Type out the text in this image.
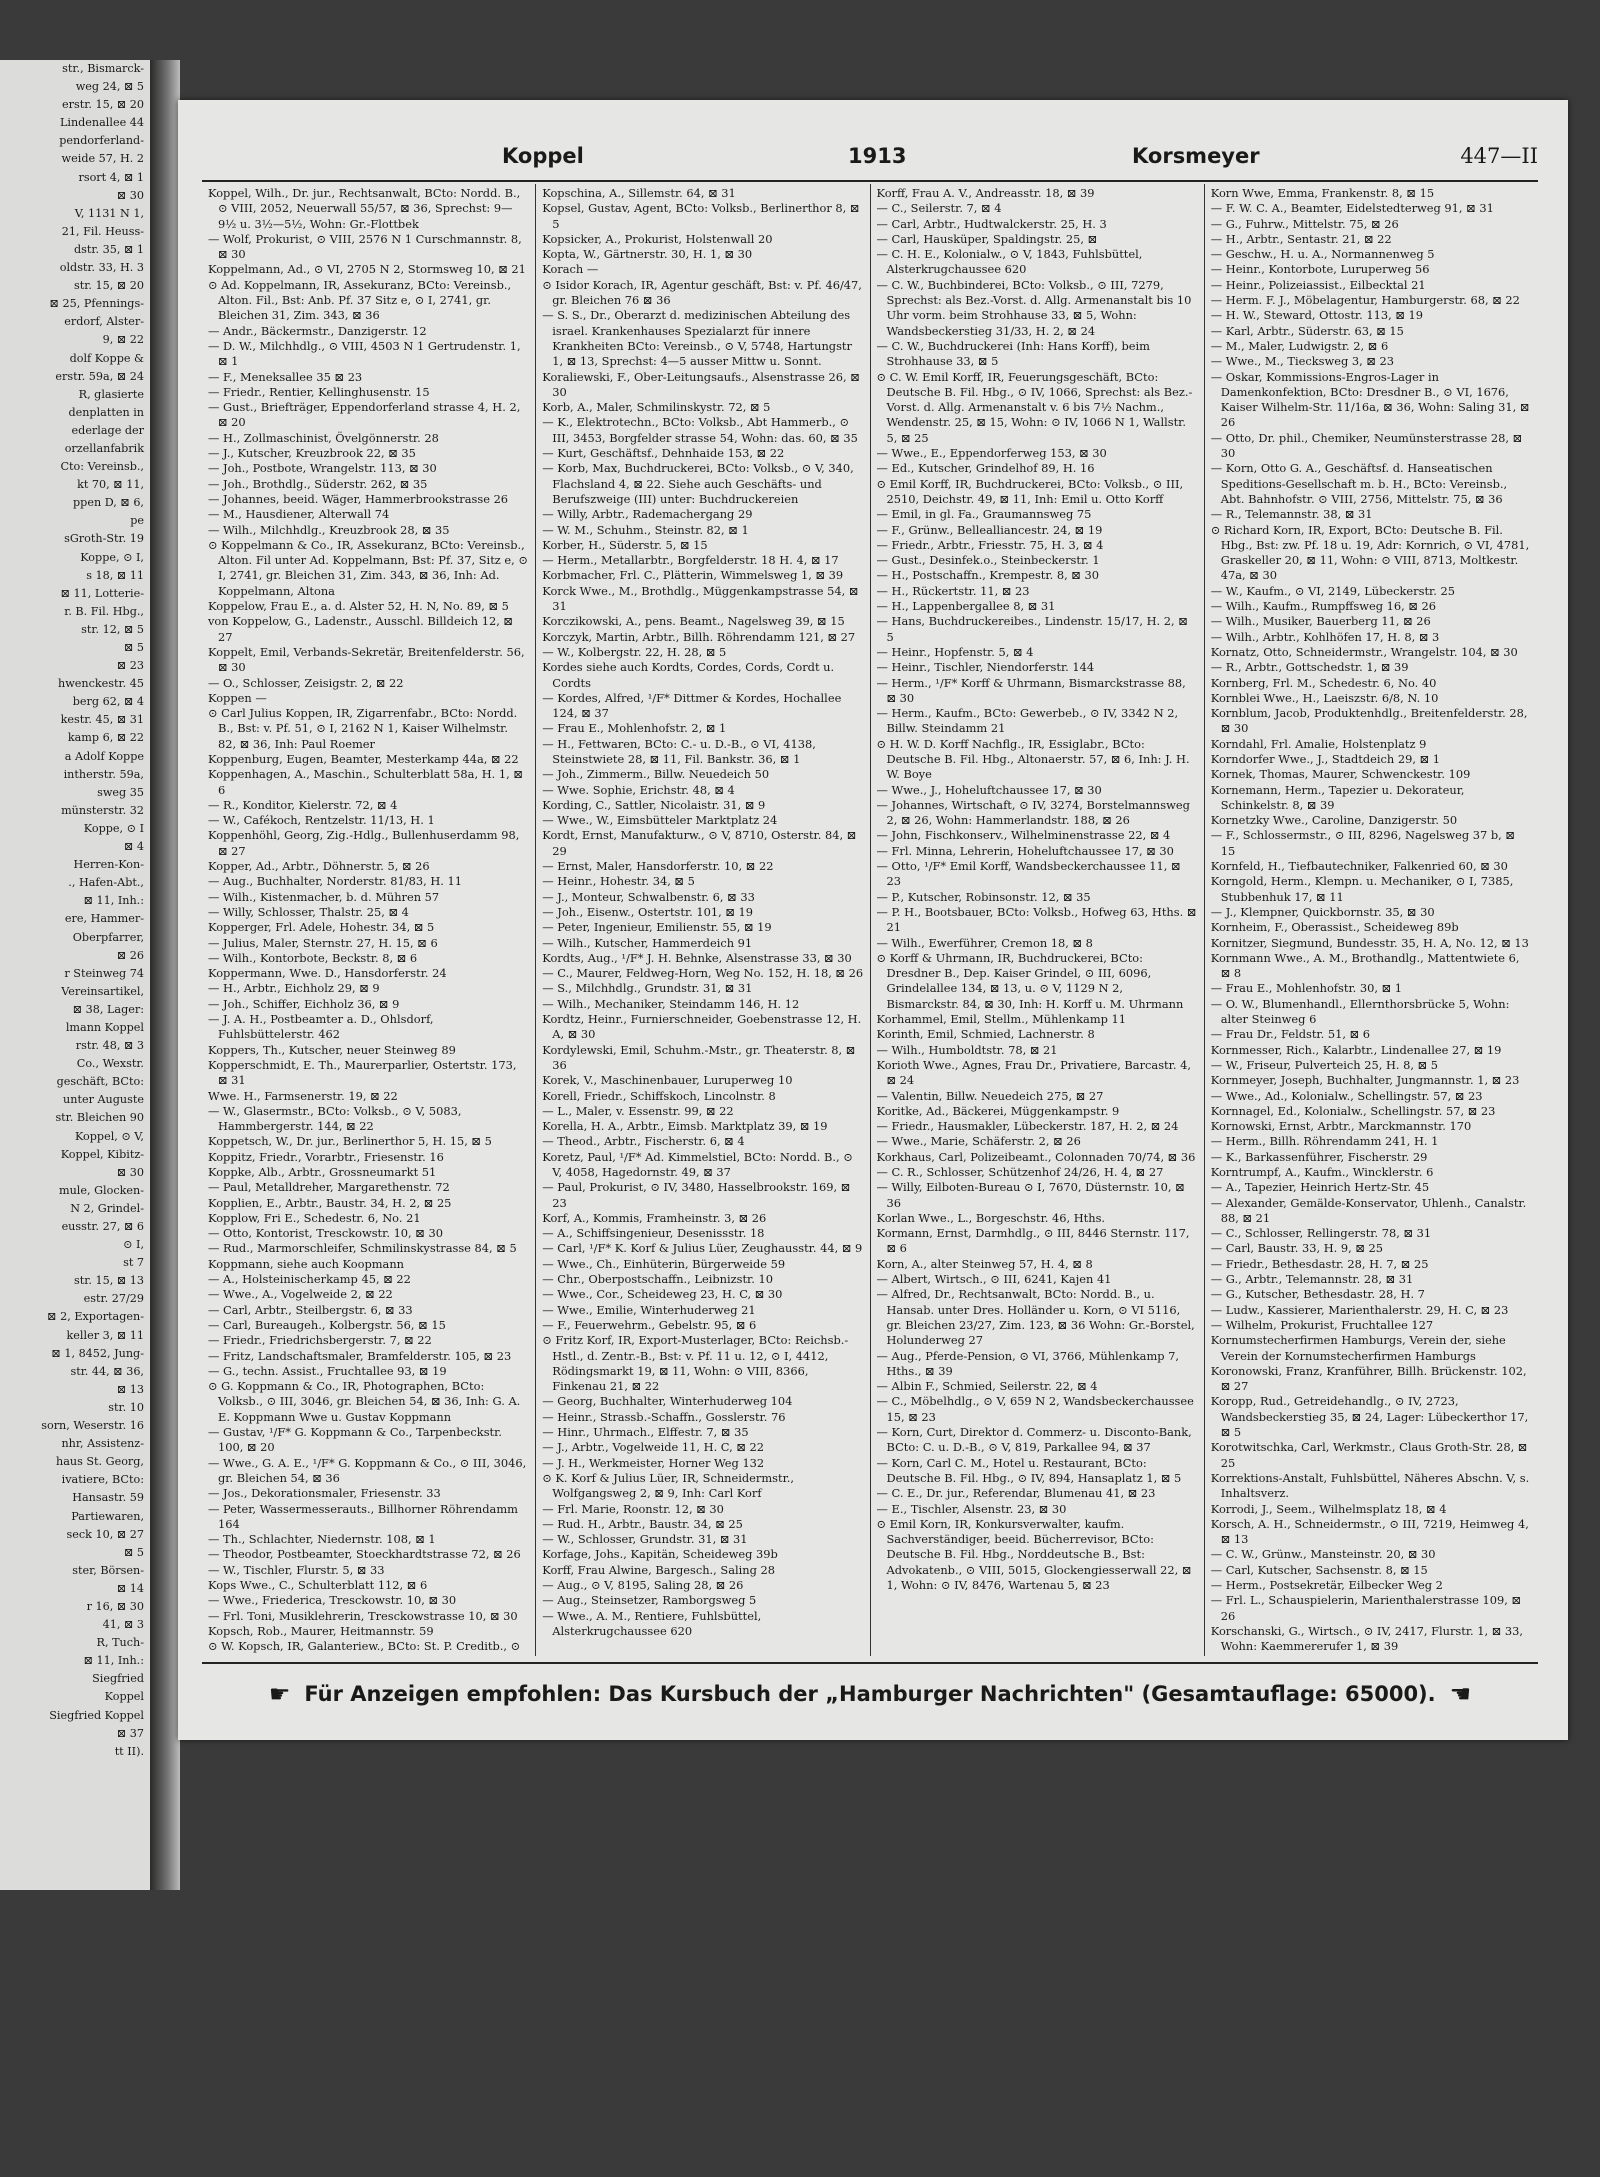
str., Bismarck-
weg 24, ⊠ 5
erstr. 15, ⊠ 20
Lindenallee 44
pendorferland-
weide 57, H. 2
rsort 4, ⊠ 1
⊠ 30
V, 1131 N 1,
21, Fil. Heuss-
dstr. 35, ⊠ 1
oldstr. 33, H. 3
str. 15, ⊠ 20
⊠ 25, Pfennings-
erdorf, Alster-
9, ⊠ 22
dolf Koppe &
erstr. 59a, ⊠ 24
R, glasierte
denplatten in
ederlage der
orzellanfabrik
Cto: Vereinsb.,
kt 70, ⊠ 11,
ppen D, ⊠ 6,
pe
sGroth-Str. 19
Koppe, ⊙ I,
s 18, ⊠ 11
⊠ 11, Lotterie-
r. B. Fil. Hbg.,
str. 12, ⊠ 5
⊠ 5
⊠ 23
hwenckestr. 45
berg 62, ⊠ 4
kestr. 45, ⊠ 31
kamp 6, ⊠ 22
a Adolf Koppe
intherstr. 59a,
sweg 35
münsterstr. 32
Koppe, ⊙ I
⊠ 4
Herren-Kon-
., Hafen-Abt.,
⊠ 11, Inh.:
ere, Hammer-
Oberpfarrer,
⊠ 26
r Steinweg 74
Vereinsartikel,
⊠ 38, Lager:
lmann Koppel
rstr. 48, ⊠ 3
Co., Wexstr.
geschäft, BCto:
unter Auguste
str. Bleichen 90
Koppel, ⊙ V,
Koppel, Kibitz-
⊠ 30
mule, Glocken-
N 2, Grindel-
eusstr. 27, ⊠ 6
⊙ I,
st 7
str. 15, ⊠ 13
estr. 27/29
⊠ 2, Exportagen-
keller 3, ⊠ 11
⊠ 1, 8452, Jung-
str. 44, ⊠ 36,
⊠ 13
str. 10
sorn, Weserstr. 16
nhr, Assistenz-
haus St. Georg,
ivatiere, BCto:
Hansastr. 59
Partiewaren,
seck 10, ⊠ 27
⊠ 5
ster, Börsen-
⊠ 14
r 16, ⊠ 30
41, ⊠ 3
R, Tuch-
⊠ 11, Inh.:
Siegfried
Koppel
Siegfried Koppel
⊠ 37
tt II).
Koppel	1913	Korsmeyer	447—II

Koppel, Wilh., Dr. jur., Rechtsanwalt, BCto: Nordd. B., ⊙ VIII, 2052, Neuerwall 55/57, ⊠ 36, Sprechst: 9—9½ u. 3½—5½, Wohn: Gr.-Flottbek

— Wolf, Prokurist, ⊙ VIII, 2576 N 1 Curschmannstr. 8, ⊠ 30

Koppelmann, Ad., ⊙ VI, 2705 N 2, Stormsweg 10, ⊠ 21

⊙ Ad. Koppelmann, IR, Assekuranz, BCto: Vereinsb., Alton. Fil., Bst: Anb. Pf. 37 Sitz e, ⊙ I, 2741, gr. Bleichen 31, Zim. 343, ⊠ 36

— Andr., Bäckermstr., Danzigerstr. 12

— D. W., Milchhdlg., ⊙ VIII, 4503 N 1 Gertrudenstr. 1, ⊠ 1

— F., Meneksallee 35 ⊠ 23

— Friedr., Rentier, Kellinghusenstr. 15

— Gust., Briefträger, Eppendorferland strasse 4, H. 2, ⊠ 20

— H., Zollmaschinist, Övelgönnerstr. 28

— J., Kutscher, Kreuzbrook 22, ⊠ 35

— Joh., Postbote, Wrangelstr. 113, ⊠ 30

— Joh., Brothdlg., Süderstr. 262, ⊠ 35

— Johannes, beeid. Wäger, Hammerbrookstrasse 26

— M., Hausdiener, Alterwall 74

— Wilh., Milchhdlg., Kreuzbrook 28, ⊠ 35

⊙ Koppelmann & Co., IR, Assekuranz, BCto: Vereinsb., Alton. Fil unter Ad. Koppelmann, Bst: Pf. 37, Sitz e, ⊙ I, 2741, gr. Bleichen 31, Zim. 343, ⊠ 36, Inh: Ad. Koppelmann, Altona

Koppelow, Frau E., a. d. Alster 52, H. N, No. 89, ⊠ 5

von Koppelow, G., Ladenstr., Ausschl. Billdeich 12, ⊠ 27

Koppelt, Emil, Verbands-Sekretär, Breitenfelderstr. 56, ⊠ 30

— O., Schlosser, Zeisigstr. 2, ⊠ 22

Koppen —

⊙ Carl Julius Koppen, IR, Zigarrenfabr., BCto: Nordd. B., Bst: v. Pf. 51, ⊙ I, 2162 N 1, Kaiser Wilhelmstr. 82, ⊠ 36, Inh: Paul Roemer

Koppenburg, Eugen, Beamter, Mesterkamp 44a, ⊠ 22

Koppenhagen, A., Maschin., Schulterblatt 58a, H. 1, ⊠ 6

— R., Konditor, Kielerstr. 72, ⊠ 4

— W., Cafékoch, Rentzelstr. 11/13, H. 1

Koppenhöhl, Georg, Zig.-Hdlg., Bullenhuserdamm 98, ⊠ 27

Kopper, Ad., Arbtr., Döhnerstr. 5, ⊠ 26

— Aug., Buchhalter, Norderstr. 81/83, H. 11

— Wilh., Kistenmacher, b. d. Mühren 57

— Willy, Schlosser, Thalstr. 25, ⊠ 4

Kopperger, Frl. Adele, Hohestr. 34, ⊠ 5

— Julius, Maler, Sternstr. 27, H. 15, ⊠ 6

— Wilh., Kontorbote, Beckstr. 8, ⊠ 6

Koppermann, Wwe. D., Hansdorferstr. 24

— H., Arbtr., Eichholz 29, ⊠ 9

— Joh., Schiffer, Eichholz 36, ⊠ 9

— J. A. H., Postbeamter a. D., Ohlsdorf, Fuhlsbüttelerstr. 462

Koppers, Th., Kutscher, neuer Steinweg 89

Kopperschmidt, E. Th., Maurerparlier, Ostertstr. 173, ⊠ 31

Wwe. H., Farmsenerstr. 19, ⊠ 22

— W., Glasermstr., BCto: Volksb., ⊙ V, 5083, Hammbergerstr. 144, ⊠ 22

Koppetsch, W., Dr. jur., Berlinerthor 5, H. 15, ⊠ 5

Koppitz, Friedr., Vorarbtr., Friesenstr. 16

Koppke, Alb., Arbtr., Grossneumarkt 51

— Paul, Metalldreher, Margarethenstr. 72

Kopplien, E., Arbtr., Baustr. 34, H. 2, ⊠ 25

Kopplow, Fri E., Schedestr. 6, No. 21

— Otto, Kontorist, Tresckowstr. 10, ⊠ 30

— Rud., Marmorschleifer, Schmilinskystrasse 84, ⊠ 5

Koppmann, siehe auch Koopmann

— A., Holsteinischerkamp 45, ⊠ 22

— Wwe., A., Vogelweide 2, ⊠ 22

— Carl, Arbtr., Steilbergstr. 6, ⊠ 33

— Carl, Bureaugeh., Kolbergstr. 56, ⊠ 15

— Friedr., Friedrichsbergerstr. 7, ⊠ 22

— Fritz, Landschaftsmaler, Bramfelderstr. 105, ⊠ 23

— G., techn. Assist., Fruchtallee 93, ⊠ 19

⊙ G. Koppmann & Co., IR, Photographen, BCto: Volksb., ⊙ III, 3046, gr. Bleichen 54, ⊠ 36, Inh: G. A. E. Koppmann Wwe u. Gustav Koppmann

— Gustav, ¹/F* G. Koppmann & Co., Tarpenbeckstr. 100, ⊠ 20

— Wwe., G. A. E., ¹/F* G. Koppmann & Co., ⊙ III, 3046, gr. Bleichen 54, ⊠ 36

— Jos., Dekorationsmaler, Friesenstr. 33

— Peter, Wassermesserauts., Billhorner Röhrendamm 164

— Th., Schlachter, Niedernstr. 108, ⊠ 1

— Theodor, Postbeamter, Stoeckhardtstrasse 72, ⊠ 26

— W., Tischler, Flurstr. 5, ⊠ 33

Kops Wwe., C., Schulterblatt 112, ⊠ 6

— Wwe., Friederica, Tresckowstr. 10, ⊠ 30

— Frl. Toni, Musiklehrerin, Tresckowstrasse 10, ⊠ 30

Kopsch, Rob., Maurer, Heitmannstr. 59

⊙ W. Kopsch, IR, Galanteriew., BCto: St. P. Creditb., ⊙

Kopschina, A., Sillemstr. 64, ⊠ 31

Kopsel, Gustav, Agent, BCto: Volksb., Berlinerthor 8, ⊠ 5

Kopsicker, A., Prokurist, Holstenwall 20

Kopta, W., Gärtnerstr. 30, H. 1, ⊠ 30

Korach —

⊙ Isidor Korach, IR, Agentur geschäft, Bst: v. Pf. 46/47, gr. Bleichen 76 ⊠ 36

— S. S., Dr., Oberarzt d. medizinischen Abteilung des israel. Krankenhauses Spezialarzt für innere Krankheiten BCto: Vereinsb., ⊙ V, 5748, Hartungstr 1, ⊠ 13, Sprechst: 4—5 ausser Mittw u. Sonnt.

Koraliewski, F., Ober-Leitungsaufs., Alsenstrasse 26, ⊠ 30

Korb, A., Maler, Schmilinskystr. 72, ⊠ 5

— K., Elektrotechn., BCto: Volksb., Abt Hammerb., ⊙ III, 3453, Borgfelder strasse 54, Wohn: das. 60, ⊠ 35

— Kurt, Geschäftsf., Dehnhaide 153, ⊠ 22

— Korb, Max, Buchdruckerei, BCto: Volksb., ⊙ V, 340, Flachsland 4, ⊠ 22. Siehe auch Geschäfts- und Berufszweige (III) unter: Buchdruckereien

— Willy, Arbtr., Rademachergang 29

— W. M., Schuhm., Steinstr. 82, ⊠ 1

Korber, H., Süderstr. 5, ⊠ 15

— Herm., Metallarbtr., Borgfelderstr. 18 H. 4, ⊠ 17

Korbmacher, Frl. C., Plätterin, Wimmelsweg 1, ⊠ 39

Korck Wwe., M., Brothdlg., Müggenkampstrasse 54, ⊠ 31

Korczikowski, A., pens. Beamt., Nagelsweg 39, ⊠ 15

Korczyk, Martin, Arbtr., Billh. Röhrendamm 121, ⊠ 27

— W., Kolbergstr. 22, H. 28, ⊠ 5

Kordes siehe auch Kordts, Cordes, Cords, Cordt u. Cordts

— Kordes, Alfred, ¹/F* Dittmer & Kordes, Hochallee 124, ⊠ 37

— Frau E., Mohlenhofstr. 2, ⊠ 1

— H., Fettwaren, BCto: C.- u. D.-B., ⊙ VI, 4138, Steinstwiete 28, ⊠ 11, Fil. Bankstr. 36, ⊠ 1

— Joh., Zimmerm., Billw. Neuedeich 50

— Wwe. Sophie, Erichstr. 48, ⊠ 4

Kording, C., Sattler, Nicolaistr. 31, ⊠ 9

— Wwe., W., Eimsbütteler Marktplatz 24

Kordt, Ernst, Manufakturw., ⊙ V, 8710, Osterstr. 84, ⊠ 29

— Ernst, Maler, Hansdorferstr. 10, ⊠ 22

— Heinr., Hohestr. 34, ⊠ 5

— J., Monteur, Schwalbenstr. 6, ⊠ 33

— Joh., Eisenw., Ostertstr. 101, ⊠ 19

— Peter, Ingenieur, Emilienstr. 55, ⊠ 19

— Wilh., Kutscher, Hammerdeich 91

Kordts, Aug., ¹/F* J. H. Behnke, Alsenstrasse 33, ⊠ 30

— C., Maurer, Feldweg-Horn, Weg No. 152, H. 18, ⊠ 26

— S., Milchhdlg., Grundstr. 31, ⊠ 31

— Wilh., Mechaniker, Steindamm 146, H. 12

Kordtz, Heinr., Furnierschneider, Goebenstrasse 12, H. A, ⊠ 30

Kordylewski, Emil, Schuhm.-Mstr., gr. Theaterstr. 8, ⊠ 36

Korek, V., Maschinenbauer, Luruperweg 10

Korell, Friedr., Schiffskoch, Lincolnstr. 8

— L., Maler, v. Essenstr. 99, ⊠ 22

Korella, H. A., Arbtr., Eimsb. Marktplatz 39, ⊠ 19

— Theod., Arbtr., Fischerstr. 6, ⊠ 4

Koretz, Paul, ¹/F* Ad. Kimmelstiel, BCto: Nordd. B., ⊙ V, 4058, Hagedornstr. 49, ⊠ 37

— Paul, Prokurist, ⊙ IV, 3480, Hasselbrookstr. 169, ⊠ 23

Korf, A., Kommis, Framheinstr. 3, ⊠ 26

— A., Schiffsingenieur, Desenissstr. 18

— Carl, ¹/F* K. Korf & Julius Lüer, Zeughausstr. 44, ⊠ 9

— Wwe., Ch., Einhüterin, Bürgerweide 59

— Chr., Oberpostschaffn., Leibnizstr. 10

— Wwe., Cor., Scheideweg 23, H. C, ⊠ 30

— Wwe., Emilie, Winterhuderweg 21

— F., Feuerwehrm., Gebelstr. 95, ⊠ 6

⊙ Fritz Korf, IR, Export-Musterlager, BCto: Reichsb.-Hstl., d. Zentr.-B., Bst: v. Pf. 11 u. 12, ⊙ I, 4412, Rödingsmarkt 19, ⊠ 11, Wohn: ⊙ VIII, 8366, Finkenau 21, ⊠ 22

— Georg, Buchhalter, Winterhuderweg 104

— Heinr., Strassb.-Schaffn., Gosslerstr. 76

— Hinr., Uhrmach., Elffestr. 7, ⊠ 35

— J., Arbtr., Vogelweide 11, H. C, ⊠ 22

— J. H., Werkmeister, Horner Weg 132

⊙ K. Korf & Julius Lüer, IR, Schneidermstr., Wolfgangsweg 2, ⊠ 9, Inh: Carl Korf

— Frl. Marie, Roonstr. 12, ⊠ 30

— Rud. H., Arbtr., Baustr. 34, ⊠ 25

— W., Schlosser, Grundstr. 31, ⊠ 31

Korfage, Johs., Kapitän, Scheideweg 39b

Korff, Frau Alwine, Bargesch., Saling 28

— Aug., ⊙ V, 8195, Saling 28, ⊠ 26

— Aug., Steinsetzer, Ramborgsweg 5

— Wwe., A. M., Rentiere, Fuhlsbüttel, Alsterkrugchaussee 620

Korff, Frau A. V., Andreasstr. 18, ⊠ 39

— C., Seilerstr. 7, ⊠ 4

— Carl, Arbtr., Hudtwalckerstr. 25, H. 3

— Carl, Hausküper, Spaldingstr. 25, ⊠

— C. H. E., Kolonialw., ⊙ V, 1843, Fuhlsbüttel, Alsterkrugchaussee 620

— C. W., Buchbinderei, BCto: Volksb., ⊙ III, 7279, Sprechst: als Bez.-Vorst. d. Allg. Armenanstalt bis 10 Uhr vorm. beim Strohhause 33, ⊠ 5, Wohn: Wandsbeckerstieg 31/33, H. 2, ⊠ 24

— C. W., Buchdruckerei (Inh: Hans Korff), beim Strohhause 33, ⊠ 5

⊙ C. W. Emil Korff, IR, Feuerungsgeschäft, BCto: Deutsche B. Fil. Hbg., ⊙ IV, 1066, Sprechst: als Bez.-Vorst. d. Allg. Armenanstalt v. 6 bis 7½ Nachm., Wendenstr. 25, ⊠ 15, Wohn: ⊙ IV, 1066 N 1, Wallstr. 5, ⊠ 25

— Wwe., E., Eppendorferweg 153, ⊠ 30

— Ed., Kutscher, Grindelhof 89, H. 16

⊙ Emil Korff, IR, Buchdruckerei, BCto: Volksb., ⊙ III, 2510, Deichstr. 49, ⊠ 11, Inh: Emil u. Otto Korff

— Emil, in gl. Fa., Graumannsweg 75

— F., Grünw., Bellealliancestr. 24, ⊠ 19

— Friedr., Arbtr., Friesstr. 75, H. 3, ⊠ 4

— Gust., Desinfek.o., Steinbeckerstr. 1

— H., Postschaffn., Krempestr. 8, ⊠ 30

— H., Rückertstr. 11, ⊠ 23

— H., Lappenbergallee 8, ⊠ 31

— Hans, Buchdruckereibes., Lindenstr. 15/17, H. 2, ⊠ 5

— Heinr., Hopfenstr. 5, ⊠ 4

— Heinr., Tischler, Niendorferstr. 144

— Herm., ¹/F* Korff & Uhrmann, Bismarckstrasse 88, ⊠ 30

— Herm., Kaufm., BCto: Gewerbeb., ⊙ IV, 3342 N 2, Billw. Steindamm 21

⊙ H. W. D. Korff Nachflg., IR, Essiglabr., BCto: Deutsche B. Fil. Hbg., Altonaerstr. 57, ⊠ 6, Inh: J. H. W. Boye

— Wwe., J., Hoheluftchaussee 17, ⊠ 30

— Johannes, Wirtschaft, ⊙ IV, 3274, Borstelmannsweg 2, ⊠ 26, Wohn: Hammerlandstr. 188, ⊠ 26

— John, Fischkonserv., Wilhelminenstrasse 22, ⊠ 4

— Frl. Minna, Lehrerin, Hoheluftchaussee 17, ⊠ 30

— Otto, ¹/F* Emil Korff, Wandsbeckerchaussee 11, ⊠ 23

— P., Kutscher, Robinsonstr. 12, ⊠ 35

— P. H., Bootsbauer, BCto: Volksb., Hofweg 63, Hths. ⊠ 21

— Wilh., Ewerführer, Cremon 18, ⊠ 8

⊙ Korff & Uhrmann, IR, Buchdruckerei, BCto: Dresdner B., Dep. Kaiser Grindel, ⊙ III, 6096, Grindelallee 134, ⊠ 13, u. ⊙ V, 1129 N 2, Bismarckstr. 84, ⊠ 30, Inh: H. Korff u. M. Uhrmann

Korhammel, Emil, Stellm., Mühlenkamp 11

Korinth, Emil, Schmied, Lachnerstr. 8

— Wilh., Humboldtstr. 78, ⊠ 21

Korioth Wwe., Agnes, Frau Dr., Privatiere, Barcastr. 4, ⊠ 24

— Valentin, Billw. Neuedeich 275, ⊠ 27

Koritke, Ad., Bäckerei, Müggenkampstr. 9

— Friedr., Hausmakler, Lübeckerstr. 187, H. 2, ⊠ 24

— Wwe., Marie, Schäferstr. 2, ⊠ 26

Korkhaus, Carl, Polizeibeamt., Colonnaden 70/74, ⊠ 36

— C. R., Schlosser, Schützenhof 24/26, H. 4, ⊠ 27

— Willy, Eilboten-Bureau ⊙ I, 7670, Düsternstr. 10, ⊠ 36

Korlan Wwe., L., Borgeschstr. 46, Hths.

Kormann, Ernst, Darmhdlg., ⊙ III, 8446 Sternstr. 117, ⊠ 6

Korn, A., alter Steinweg 57, H. 4, ⊠ 8

— Albert, Wirtsch., ⊙ III, 6241, Kajen 41

— Alfred, Dr., Rechtsanwalt, BCto: Nordd. B., u. Hansab. unter Dres. Holländer u. Korn, ⊙ VI 5116, gr. Bleichen 23/27, Zim. 123, ⊠ 36 Wohn: Gr.-Borstel, Holunderweg 27

— Aug., Pferde-Pension, ⊙ VI, 3766, Mühlenkamp 7, Hths., ⊠ 39

— Albin F., Schmied, Seilerstr. 22, ⊠ 4

— C., Möbelhdlg., ⊙ V, 659 N 2, Wandsbeckerchaussee 15, ⊠ 23

— Korn, Curt, Direktor d. Commerz- u. Disconto-Bank, BCto: C. u. D.-B., ⊙ V, 819, Parkallee 94, ⊠ 37

— Korn, Carl C. M., Hotel u. Restaurant, BCto: Deutsche B. Fil. Hbg., ⊙ IV, 894, Hansaplatz 1, ⊠ 5

— C. E., Dr. jur., Referendar, Blumenau 41, ⊠ 23

— E., Tischler, Alsenstr. 23, ⊠ 30

⊙ Emil Korn, IR, Konkursverwalter, kaufm. Sachverständiger, beeid. Bücherrevisor, BCto: Deutsche B. Fil. Hbg., Norddeutsche B., Bst: Advokatenb., ⊙ VIII, 5015, Glockengiesserwall 22, ⊠ 1, Wohn: ⊙ IV, 8476, Wartenau 5, ⊠ 23

Korn Wwe, Emma, Frankenstr. 8, ⊠ 15

— F. W. C. A., Beamter, Eidelstedterweg 91, ⊠ 31

— G., Fuhrw., Mittelstr. 75, ⊠ 26

— H., Arbtr., Sentastr. 21, ⊠ 22

— Geschw., H. u. A., Normannenweg 5

— Heinr., Kontorbote, Luruperweg 56

— Heinr., Polizeiassist., Eilbecktal 21

— Herm. F. J., Möbelagentur, Hamburgerstr. 68, ⊠ 22

— H. W., Steward, Ottostr. 113, ⊠ 19

— Karl, Arbtr., Süderstr. 63, ⊠ 15

— M., Maler, Ludwigstr. 2, ⊠ 6

— Wwe., M., Tiecksweg 3, ⊠ 23

— Oskar, Kommissions-Engros-Lager in Damenkonfektion, BCto: Dresdner B., ⊙ VI, 1676, Kaiser Wilhelm-Str. 11/16a, ⊠ 36, Wohn: Saling 31, ⊠ 26

— Otto, Dr. phil., Chemiker, Neumünsterstrasse 28, ⊠ 30

— Korn, Otto G. A., Geschäftsf. d. Hanseatischen Speditions-Gesellschaft m. b. H., BCto: Vereinsb., Abt. Bahnhofstr. ⊙ VIII, 2756, Mittelstr. 75, ⊠ 36

— R., Telemannstr. 38, ⊠ 31

⊙ Richard Korn, IR, Export, BCto: Deutsche B. Fil. Hbg., Bst: zw. Pf. 18 u. 19, Adr: Kornrich, ⊙ VI, 4781, Graskeller 20, ⊠ 11, Wohn: ⊙ VIII, 8713, Moltkestr. 47a, ⊠ 30

— W., Kaufm., ⊙ VI, 2149, Lübeckerstr. 25

— Wilh., Kaufm., Rumpffsweg 16, ⊠ 26

— Wilh., Musiker, Bauerberg 11, ⊠ 26

— Wilh., Arbtr., Kohlhöfen 17, H. 8, ⊠ 3

Kornatz, Otto, Schneidermstr., Wrangelstr. 104, ⊠ 30

— R., Arbtr., Gottschedstr. 1, ⊠ 39

Kornberg, Frl. M., Schedestr. 6, No. 40

Kornblei Wwe., H., Laeiszstr. 6/8, N. 10

Kornblum, Jacob, Produktenhdlg., Breitenfelderstr. 28, ⊠ 30

Korndahl, Frl. Amalie, Holstenplatz 9

Korndorfer Wwe., J., Stadtdeich 29, ⊠ 1

Kornek, Thomas, Maurer, Schwenckestr. 109

Kornemann, Herm., Tapezier u. Dekorateur, Schinkelstr. 8, ⊠ 39

Kornetzky Wwe., Caroline, Danzigerstr. 50

— F., Schlossermstr., ⊙ III, 8296, Nagelsweg 37 b, ⊠ 15

Kornfeld, H., Tiefbautechniker, Falkenried 60, ⊠ 30

Korngold, Herm., Klempn. u. Mechaniker, ⊙ I, 7385, Stubbenhuk 17, ⊠ 11

— J., Klempner, Quickbornstr. 35, ⊠ 30

Kornheim, F., Oberassist., Scheideweg 89b

Kornitzer, Siegmund, Bundesstr. 35, H. A, No. 12, ⊠ 13

Kornmann Wwe., A. M., Brothandlg., Mattentwiete 6, ⊠ 8

— Frau E., Mohlenhofstr. 30, ⊠ 1

— O. W., Blumenhandl., Ellernthorsbrücke 5, Wohn: alter Steinweg 6

— Frau Dr., Feldstr. 51, ⊠ 6

Kornmesser, Rich., Kalarbtr., Lindenallee 27, ⊠ 19

— W., Friseur, Pulverteich 25, H. 8, ⊠ 5

Kornmeyer, Joseph, Buchhalter, Jungmannstr. 1, ⊠ 23

— Wwe., Ad., Kolonialw., Schellingstr. 57, ⊠ 23

Kornnagel, Ed., Kolonialw., Schellingstr. 57, ⊠ 23

Kornowski, Ernst, Arbtr., Marckmannstr. 170

— Herm., Billh. Röhrendamm 241, H. 1

— K., Barkassenführer, Fischerstr. 29

Korntrumpf, A., Kaufm., Wincklerstr. 6

— A., Tapezier, Heinrich Hertz-Str. 45

— Alexander, Gemälde-Konservator, Uhlenh., Canalstr. 88, ⊠ 21

— C., Schlosser, Rellingerstr. 78, ⊠ 31

— Carl, Baustr. 33, H. 9, ⊠ 25

— Friedr., Bethesdastr. 28, H. 7, ⊠ 25

— G., Arbtr., Telemannstr. 28, ⊠ 31

— G., Kutscher, Bethesdastr. 28, H. 7

— Ludw., Kassierer, Marienthalerstr. 29, H. C, ⊠ 23

— Wilhelm, Prokurist, Fruchtallee 127

Kornumstecherfirmen Hamburgs, Verein der, siehe Verein der Kornumstecherfirmen Hamburgs

Koronowski, Franz, Kranführer, Billh. Brückenstr. 102, ⊠ 27

Koropp, Rud., Getreidehandlg., ⊙ IV, 2723, Wandsbeckerstieg 35, ⊠ 24, Lager: Lübeckerthor 17, ⊠ 5

Korotwitschka, Carl, Werkmstr., Claus Groth-Str. 28, ⊠ 25

Korrektions-Anstalt, Fuhlsbüttel, Näheres Abschn. V, s. Inhaltsverz.

Korrodi, J., Seem., Wilhelmsplatz 18, ⊠ 4

Korsch, A. H., Schneidermstr., ⊙ III, 7219, Heimweg 4, ⊠ 13

— C. W., Grünw., Mansteinstr. 20, ⊠ 30

— Carl, Kutscher, Sachsenstr. 8, ⊠ 15

— Herm., Postsekretär, Eilbecker Weg 2

— Frl. L., Schauspielerin, Marienthalerstrasse 109, ⊠ 26

Korschanski, G., Wirtsch., ⊙ IV, 2417, Flurstr. 1, ⊠ 33, Wohn: Kaemmererufer 1, ⊠ 39

☛ Für Anzeigen empfohlen: Das Kursbuch der „Hamburger Nachrichten" (Gesamtauflage: 65000). ☚
